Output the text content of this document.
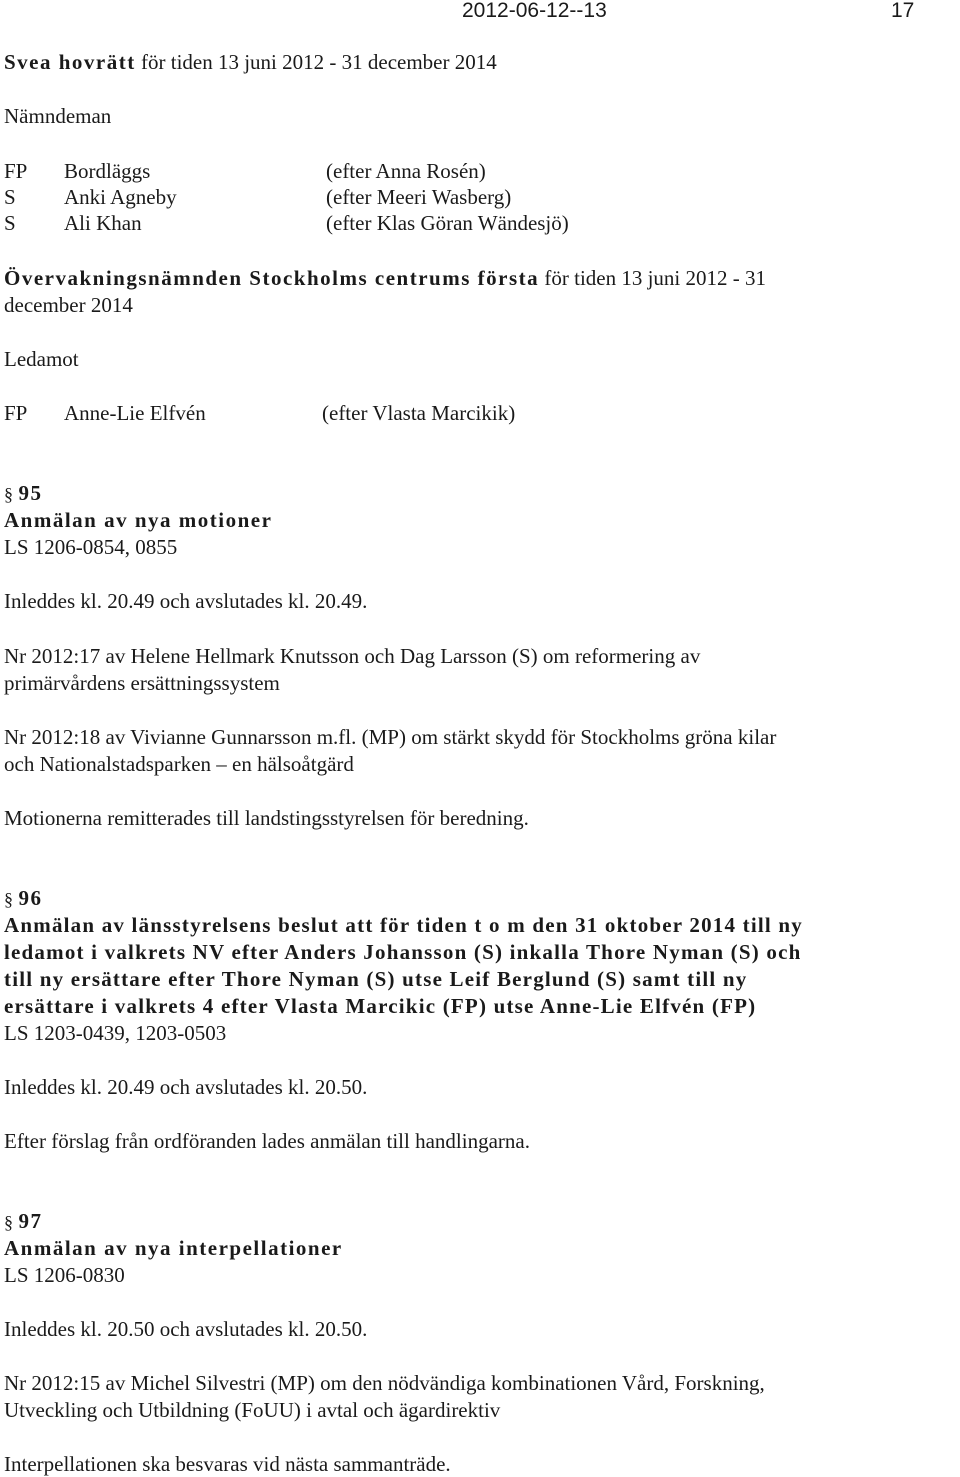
2012-06-12--13	17
Svea hovrätt för tiden 13 juni 2012 - 31 december 2014
Nämndeman
FP Bordläggs	(efter Anna Rosén)
S Anki Agneby	(efter Meeri Wasberg)
S Ali Khan	(efter Klas Göran Wändesjö)
Övervakningsnämnden Stockholms centrums första för tiden 13 juni 2012 - 31
december 2014
Ledamot
FP Anne-Lie Elfvén	(efter Vlasta Marcikik)
§ 95
Anmälan av nya motioner
LS 1206-0854, 0855
Inleddes kl. 20.49 och avslutades kl. 20.49.
Nr 2012:17 av Helene Hellmark Knutsson och Dag Larsson (S) om reformering av
primärvårdens ersättningssystem
Nr 2012:18 av Vivianne Gunnarsson m.fl. (MP) om stärkt skydd för Stockholms gröna kilar
och Nationalstadsparken – en hälsoåtgärd
Motionerna remitterades till landstingsstyrelsen för beredning.
§ 96
Anmälan av länsstyrelsens beslut att för tiden t o m den 31 oktober 2014 till ny
ledamot i valkrets NV efter Anders Johansson (S) inkalla Thore Nyman (S) och
till ny ersättare efter Thore Nyman (S) utse Leif Berglund (S) samt till ny
ersättare i valkrets 4 efter Vlasta Marcikic (FP) utse Anne-Lie Elfvén (FP)
LS 1203-0439, 1203-0503
Inleddes kl. 20.49 och avslutades kl. 20.50.
Efter förslag från ordföranden lades anmälan till handlingarna.
§ 97
Anmälan av nya interpellationer
LS 1206-0830
Inleddes kl. 20.50 och avslutades kl. 20.50.
Nr 2012:15 av Michel Silvestri (MP) om den nödvändiga kombinationen Vård, Forskning,
Utveckling och Utbildning (FoUU) i avtal och ägardirektiv
Interpellationen ska besvaras vid nästa sammanträde.
